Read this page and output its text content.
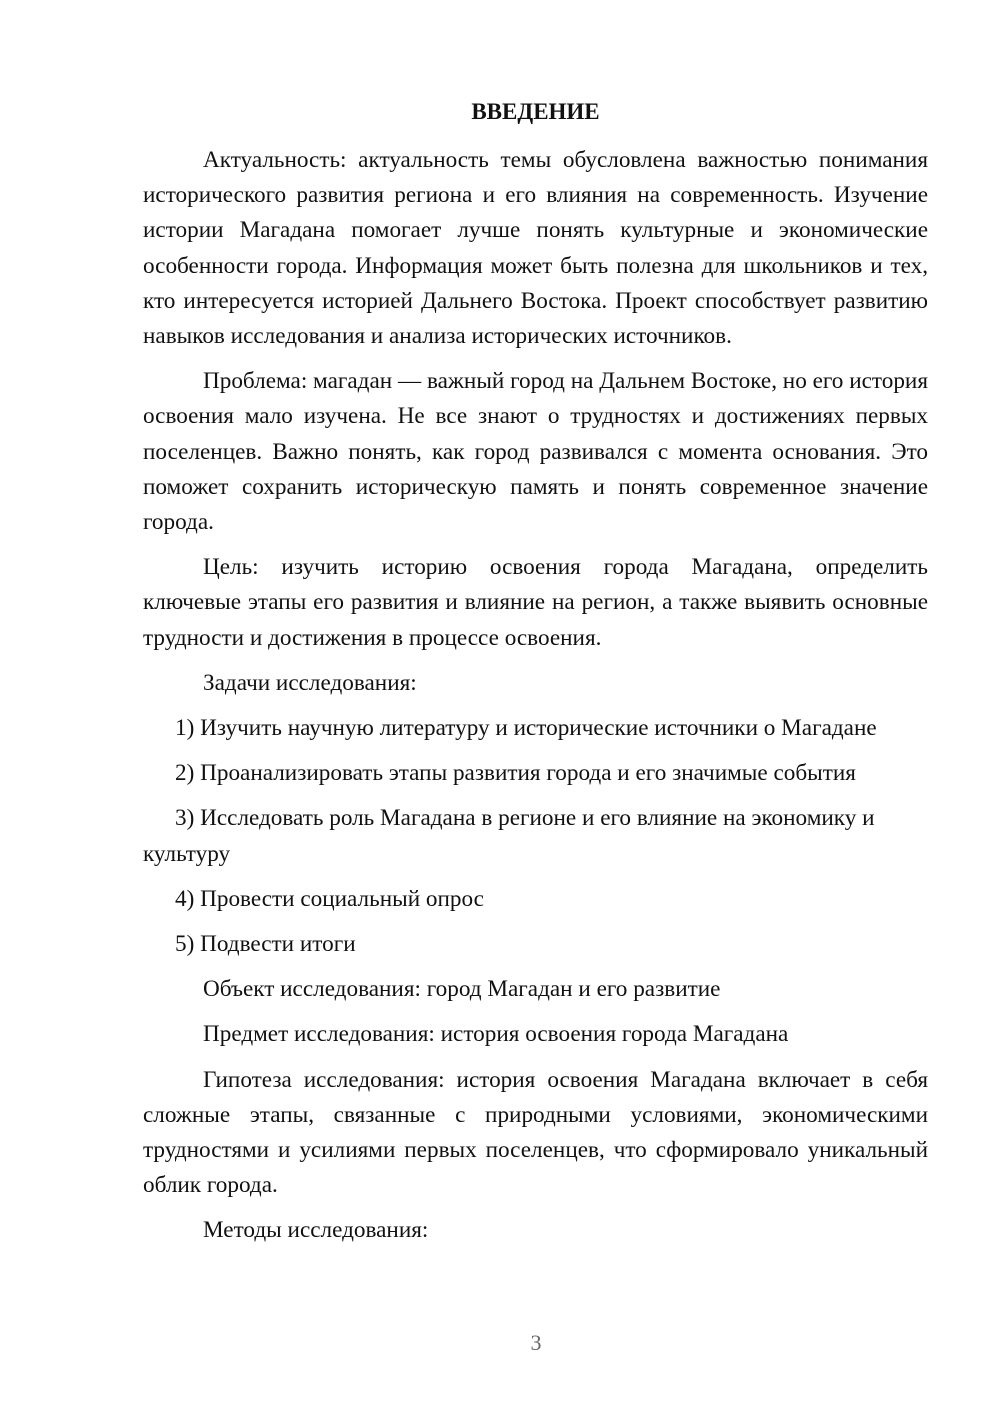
ВВЕДЕНИЕ

Актуальность: актуальность темы обусловлена важностью понимания исторического развития региона и его влияния на современность. Изучение истории Магадана помогает лучше понять культурные и экономические особенности города. Информация может быть полезна для школьников и тех, кто интересуется историей Дальнего Востока. Проект способствует развитию навыков исследования и анализа исторических источников.

Проблема: магадан — важный город на Дальнем Востоке, но его история освоения мало изучена. Не все знают о трудностях и достижениях первых поселенцев. Важно понять, как город развивался с момента основания. Это поможет сохранить историческую память и понять современное значение города.

Цель: изучить историю освоения города Магадана, определить ключевые этапы его развития и влияние на регион, а также выявить основные трудности и достижения в процессе освоения.

Задачи исследования:

1) Изучить научную литературу и исторические источники о Магадане

2) Проанализировать этапы развития города и его значимые события

3) Исследовать роль Магадана в регионе и его влияние на экономику и культуру

4) Провести социальный опрос

5) Подвести итоги

Объект исследования: город Магадан и его развитие

Предмет исследования: история освоения города Магадана

Гипотеза исследования: история освоения Магадана включает в себя сложные этапы, связанные с природными условиями, экономическими трудностями и усилиями первых поселенцев, что сформировало уникальный облик города.

Методы исследования:

3
